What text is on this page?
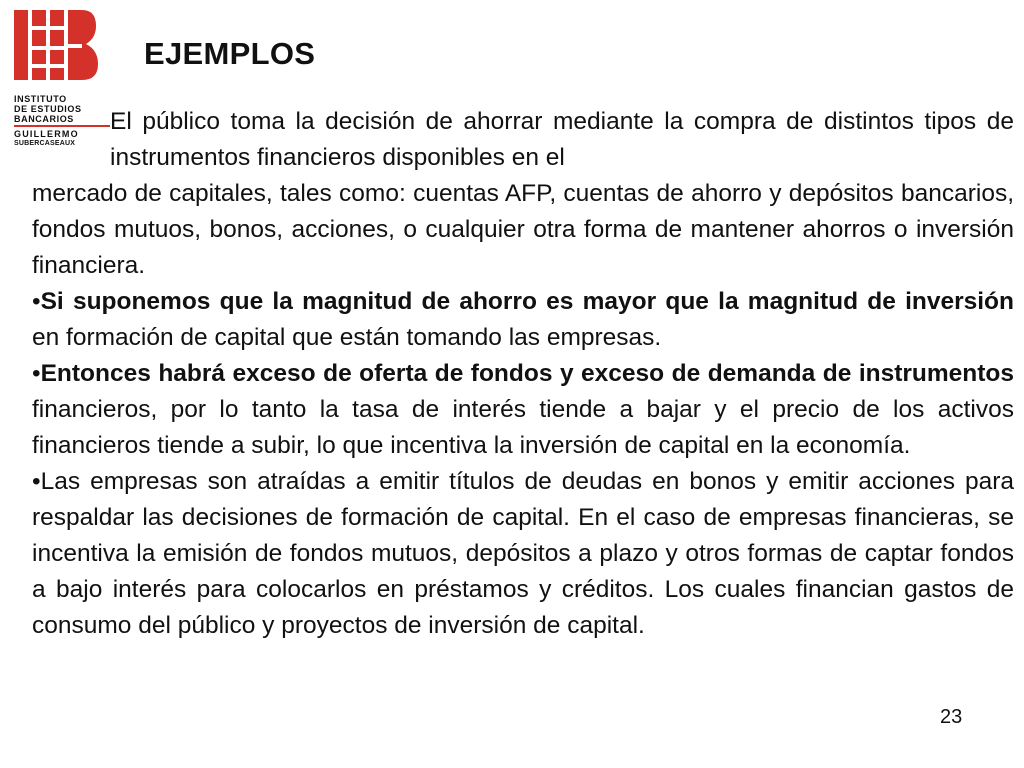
INSTITUTO
DE ESTUDIOS
BANCARIOS
GUILLERMO
SUBERCASEAUX
EJEMPLOS

El público toma la decisión de ahorrar mediante la compra de distintos tipos de instrumentos financieros disponibles en el
mercado de capitales, tales como: cuentas AFP, cuentas de ahorro y depósitos bancarios, fondos mutuos, bonos, acciones, o cualquier otra forma de mantener ahorros o inversión financiera.

•Si suponemos que la magnitud de ahorro es mayor que la magnitud de inversión en formación de capital que están tomando las empresas.

•Entonces habrá exceso de oferta de fondos y exceso de demanda de instrumentos financieros, por lo tanto la tasa de interés tiende a bajar y el precio de los activos financieros tiende a subir, lo que incentiva la inversión de capital en la economía.

•Las empresas son atraídas a emitir títulos de deudas en bonos y emitir acciones para respaldar las decisiones de formación de capital. En el caso de empresas financieras, se incentiva la emisión de fondos mutuos, depósitos a plazo y otros formas de captar fondos a bajo interés para colocarlos en préstamos y créditos. Los cuales financian gastos de consumo del público y proyectos de inversión de capital.

23
